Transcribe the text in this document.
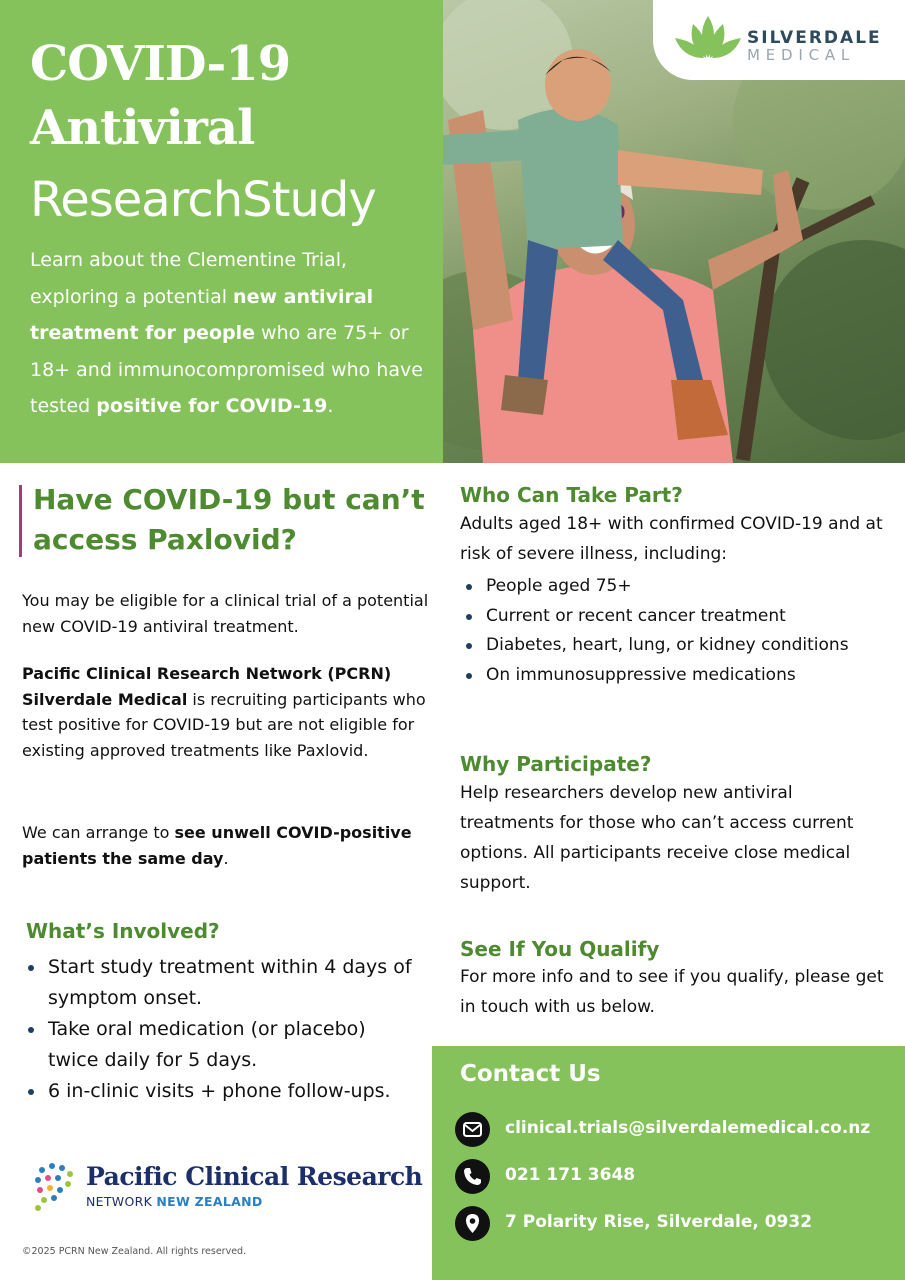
COVID-19
Antiviral
ResearchStudy
Learn about the Clementine Trial, exploring a potential new antiviral treatment for people who are 75+ or 18+ and immunocompromised who have tested positive for COVID-19.
SILVERDALE
MEDICAL
Have COVID-19 but can’t access Paxlovid?
You may be eligible for a clinical trial of a potential new COVID-19 antiviral treatment.
Pacific Clinical Research Network (PCRN) Silverdale Medical is recruiting participants who test positive for COVID-19 but are not eligible for existing approved treatments like Paxlovid.
We can arrange to see unwell COVID-positive patients the same day.
What’s Involved?
Start study treatment within 4 days of symptom onset.
Take oral medication (or placebo) twice daily for 5 days.
6 in-clinic visits + phone follow-ups.
Pacific Clinical Research
NETWORK NEW ZEALAND
©2025 PCRN New Zealand. All rights reserved.
Who Can Take Part?
Adults aged 18+ with confirmed COVID-19 and at risk of severe illness, including:
People aged 75+
Current or recent cancer treatment
Diabetes, heart, lung, or kidney conditions
On immunosuppressive medications
Why Participate?
Help researchers develop new antiviral treatments for those who can’t access current options. All participants receive close medical support.
See If You Qualify
For more info and to see if you qualify, please get in touch with us below.
Contact Us
clinical.trials@silverdalemedical.co.nz
021 171 3648
7 Polarity Rise, Silverdale, 0932
